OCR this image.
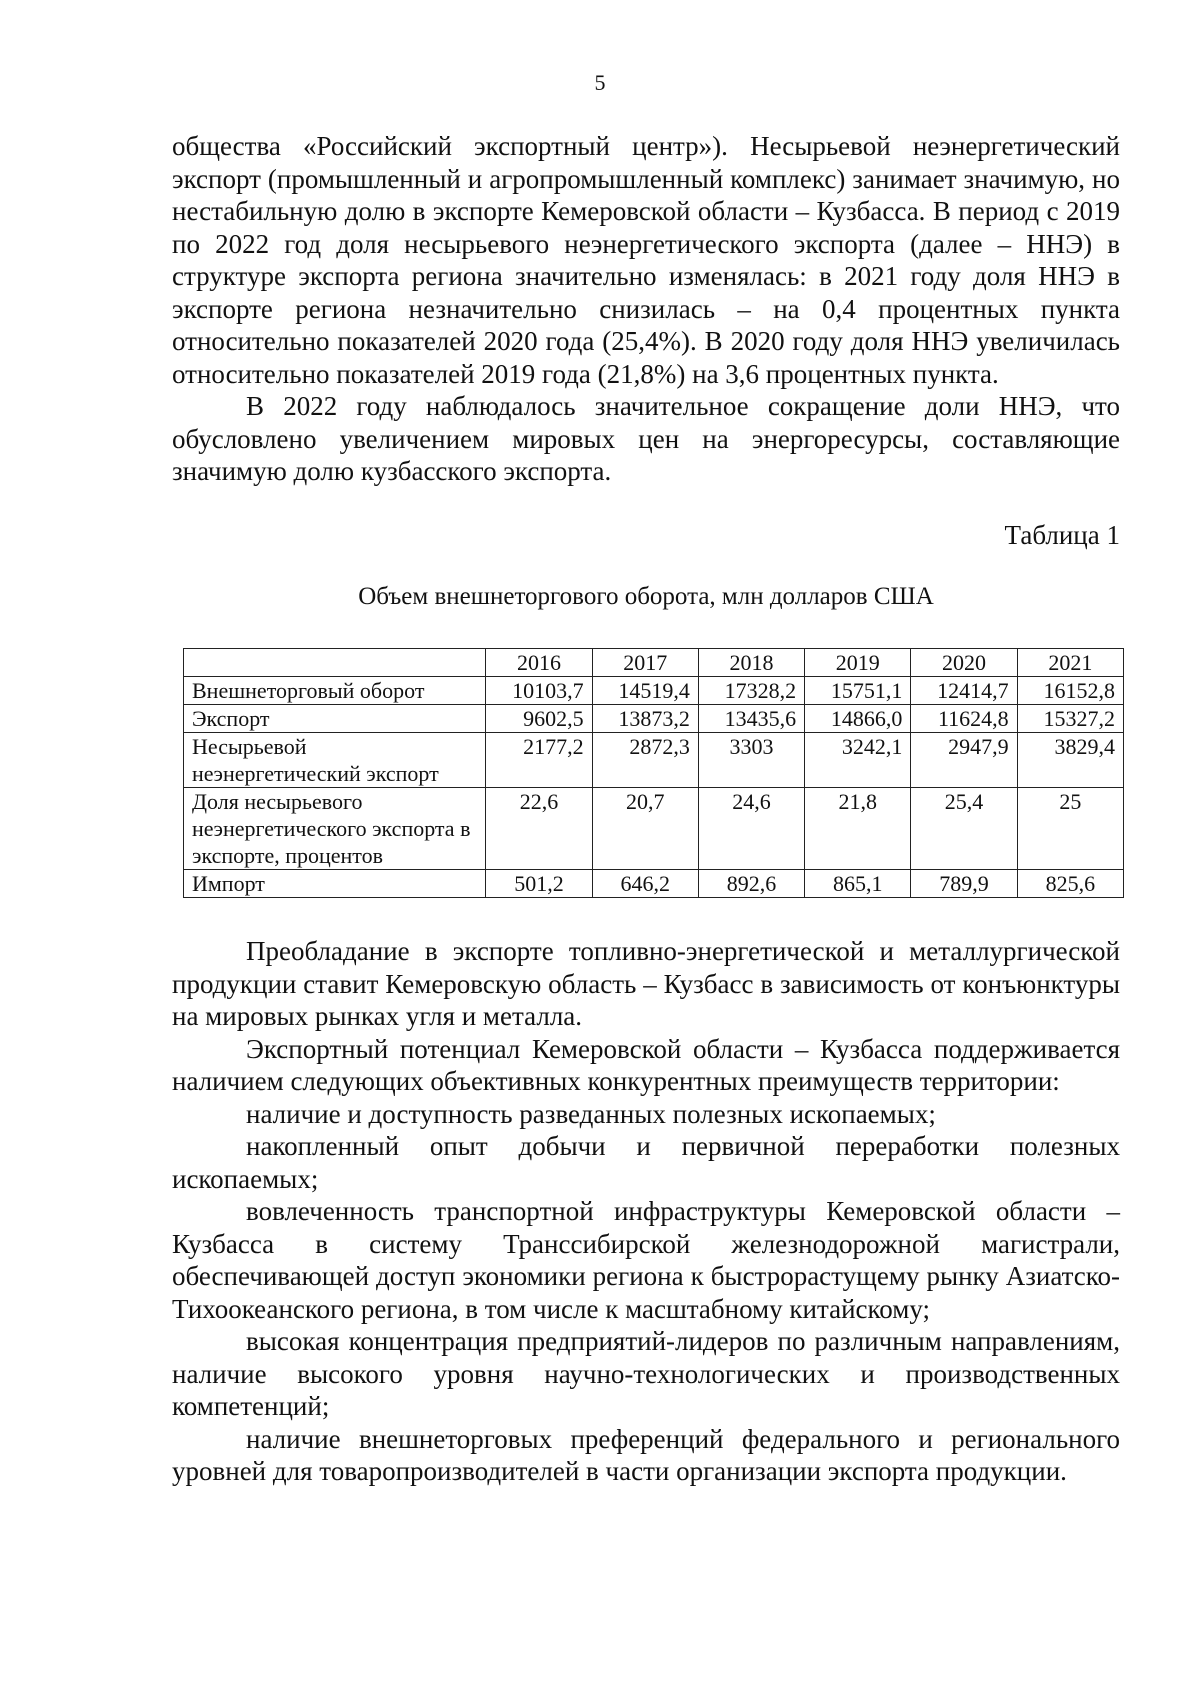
5

общества «Российский экспортный центр»). Несырьевой неэнергетический экспорт (промышленный и агропромышленный комплекс) занимает значимую, но нестабильную долю в экспорте Кемеровской области – Кузбасса. В период с 2019 по 2022 год доля несырьевого неэнергетического экспорта (далее – ННЭ) в структуре экспорта региона значительно изменялась: в 2021 году доля ННЭ в экспорте региона незначительно снизилась – на 0,4 процентных пункта относительно показателей 2020 года (25,4%). В 2020 году доля ННЭ увеличилась относительно показателей 2019 года (21,8%) на 3,6 процентных пункта.

В 2022 году наблюдалось значительное сокращение доли ННЭ, что обусловлено увеличением мировых цен на энергоресурсы, составляющие значимую долю кузбасского экспорта.

Таблица 1
Объем внешнеторгового оборота, млн долларов США
	2016	2017	2018	2019	2020	2021
Внешнеторговый оборот	10103,7	14519,4	17328,2	15751,1	12414,7	16152,8
Экспорт	9602,5	13873,2	13435,6	14866,0	11624,8	15327,2
Несырьевой неэнергетический экспорт	2177,2	2872,3	3303	3242,1	2947,9	3829,4
Доля несырьевого неэнергетического экспорта в экспорте, процентов	22,6	20,7	24,6	21,8	25,4	25
Импорт	501,2	646,2	892,6	865,1	789,9	825,6

Преобладание в экспорте топливно-энергетической и металлургической продукции ставит Кемеровскую область – Кузбасс в зависимость от конъюнктуры на мировых рынках угля и металла.

Экспортный потенциал Кемеровской области – Кузбасса поддерживается наличием следующих объективных конкурентных преимуществ территории:

наличие и доступность разведанных полезных ископаемых;

накопленный опыт добычи и первичной переработки полезных ископаемых;

вовлеченность транспортной инфраструктуры Кемеровской области – Кузбасса в систему Транссибирской железнодорожной магистрали, обеспечивающей доступ экономики региона к быстрорастущему рынку Азиатско-Тихоокеанского региона, в том числе к масштабному китайскому;

высокая концентрация предприятий-лидеров по различным направлениям, наличие высокого уровня научно-технологических и производственных компетенций;

наличие внешнеторговых преференций федерального и регионального уровней для товаропроизводителей в части организации экспорта продукции.
